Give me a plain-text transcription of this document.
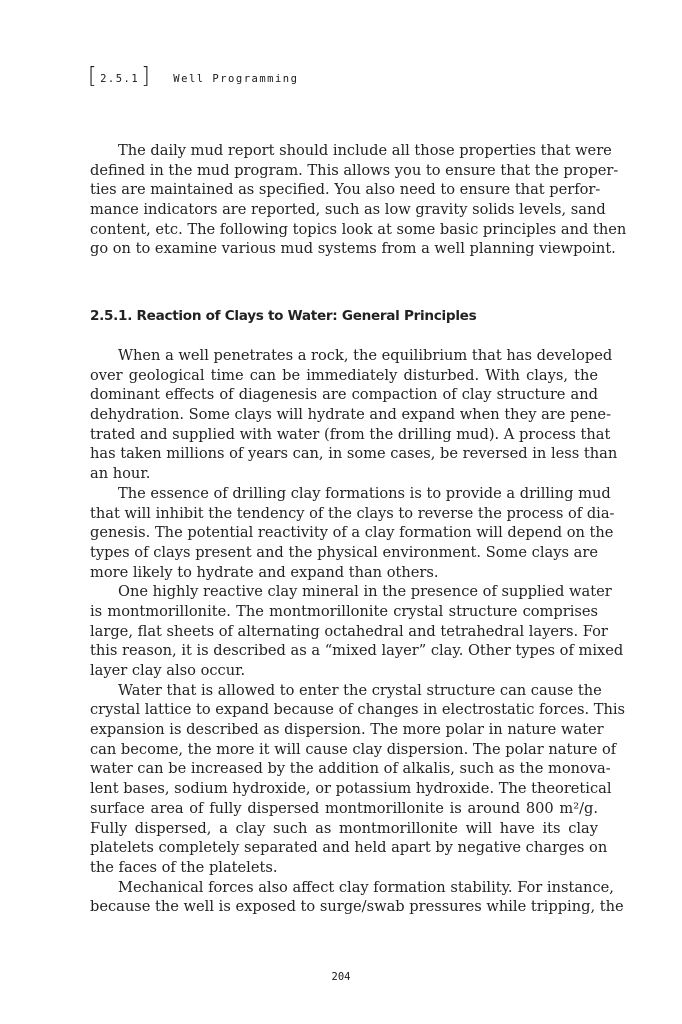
[ 2.5.1 ] Well Programming
The daily mud report should include all those properties that were
defined in the mud program. This allows you to ensure that the proper-
ties are maintained as specified. You also need to ensure that perfor-
mance indicators are reported, such as low gravity solids levels, sand
content, etc. The following topics look at some basic principles and then
go on to examine various mud systems from a well planning viewpoint.
2.5.1. Reaction of Clays to Water: General Principles
When a well penetrates a rock, the equilibrium that has developed
over geological time can be immediately disturbed. With clays, the
dominant effects of diagenesis are compaction of clay structure and
dehydration. Some clays will hydrate and expand when they are pene-
trated and supplied with water (from the drilling mud). A process that
has taken millions of years can, in some cases, be reversed in less than
an hour.
The essence of drilling clay formations is to provide a drilling mud
that will inhibit the tendency of the clays to reverse the process of dia-
genesis. The potential reactivity of a clay formation will depend on the
types of clays present and the physical environment. Some clays are
more likely to hydrate and expand than others.
One highly reactive clay mineral in the presence of supplied water
is montmorillonite. The montmorillonite crystal structure comprises
large, flat sheets of alternating octahedral and tetrahedral layers. For
this reason, it is described as a “mixed layer” clay. Other types of mixed
layer clay also occur.
Water that is allowed to enter the crystal structure can cause the
crystal lattice to expand because of changes in electrostatic forces. This
expansion is described as dispersion. The more polar in nature water
can become, the more it will cause clay dispersion. The polar nature of
water can be increased by the addition of alkalis, such as the monova-
lent bases, sodium hydroxide, or potassium hydroxide. The theoretical
surface area of fully dispersed montmorillonite is around 800 m²/g.
Fully dispersed, a clay such as montmorillonite will have its clay
platelets completely separated and held apart by negative charges on
the faces of the platelets.
Mechanical forces also affect clay formation stability. For instance,
because the well is exposed to surge/swab pressures while tripping, the
204
